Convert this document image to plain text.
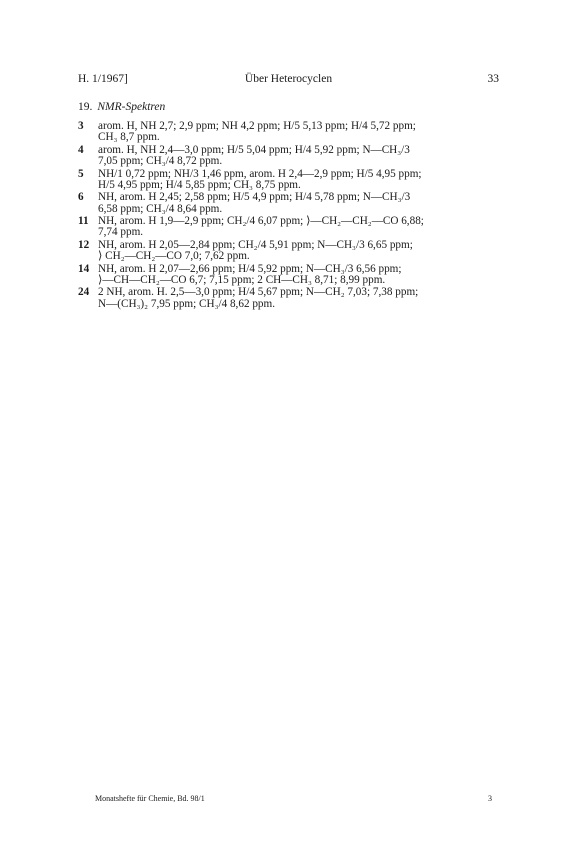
H. 1/1967]	Über Heterocyclen	33
19. NMR-Spektren
3	arom. H, NH 2,7; 2,9 ppm; NH 4,2 ppm; H/5 5,13 ppm; H/4 5,72 ppm;
CH₃ 8,7 ppm.
4	arom. H, NH 2,4—3,0 ppm; H/5 5,04 ppm; H/4 5,92 ppm; N—CH₃/3
7,05 ppm; CH₃/4 8,72 ppm.
5	NH/1 0,72 ppm; NH/3 1,46 ppm, arom. H 2,4—2,9 ppm; H/5 4,95 ppm;
H/5 4,95 ppm; H/4 5,85 ppm; CH₃ 8,75 ppm.
6	NH, arom. H 2,45; 2,58 ppm; H/5 4,9 ppm; H/4 5,78 ppm; N—CH₃/3
6,58 ppm; CH₃/4 8,64 ppm.
11 NH, arom. H 1,9—2,9 ppm; CH₂/4 6,07 ppm; ⟩—CH₂—CH₂—CO 6,88;
7,74 ppm.
12 NH, arom. H 2,05—2,84 ppm; CH₂/4 5,91 ppm; N—CH₃/3 6,65 ppm;
⟩ CH₂—CH₂—CO 7,0; 7,62 ppm.
14 NH, arom. H 2,07—2,66 ppm; H/4 5,92 ppm; N—CH₃/3 6,56 ppm;
⟩—CH—CH₂—CO 6,7; 7,15 ppm; 2 CH—CH₃ 8,71; 8,99 ppm.
24 2 NH, arom. H. 2,5—3,0 ppm; H/4 5,67 ppm; N—CH₂ 7,03; 7,38 ppm;
N—(CH₃)₂ 7,95 ppm; CH₃/4 8,62 ppm.
Monatshefte für Chemie, Bd. 98/1	3
